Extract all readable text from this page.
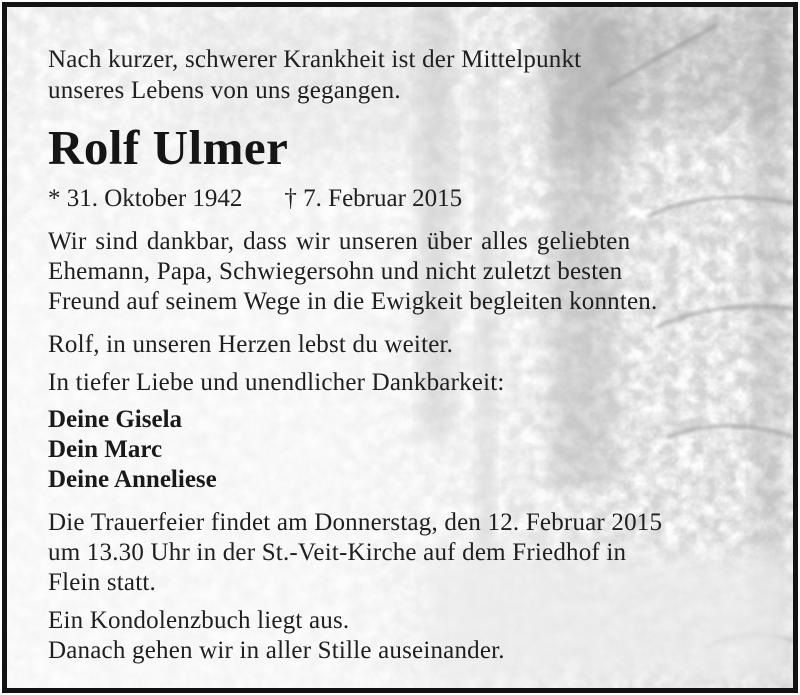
Nach kurzer, schwerer Krankheit ist der Mittelpunkt
unseres Lebens von uns gegangen.

Rolf Ulmer
* 31. Oktober 1942 † 7. Februar 2015

Wir sind dankbar, dass wir unseren über alles geliebten
Ehemann, Papa, Schwiegersohn und nicht zuletzt besten
Freund auf seinem Wege in die Ewigkeit begleiten konnten.

Rolf, in unseren Herzen lebst du weiter.

In tiefer Liebe und unendlicher Dankbarkeit:

Deine Gisela
Dein Marc
Deine Anneliese

Die Trauerfeier findet am Donnerstag, den 12. Februar 2015
um 13.30 Uhr in der St.-Veit-Kirche auf dem Friedhof in
Flein statt.

Ein Kondolenzbuch liegt aus.
Danach gehen wir in aller Stille auseinander.
